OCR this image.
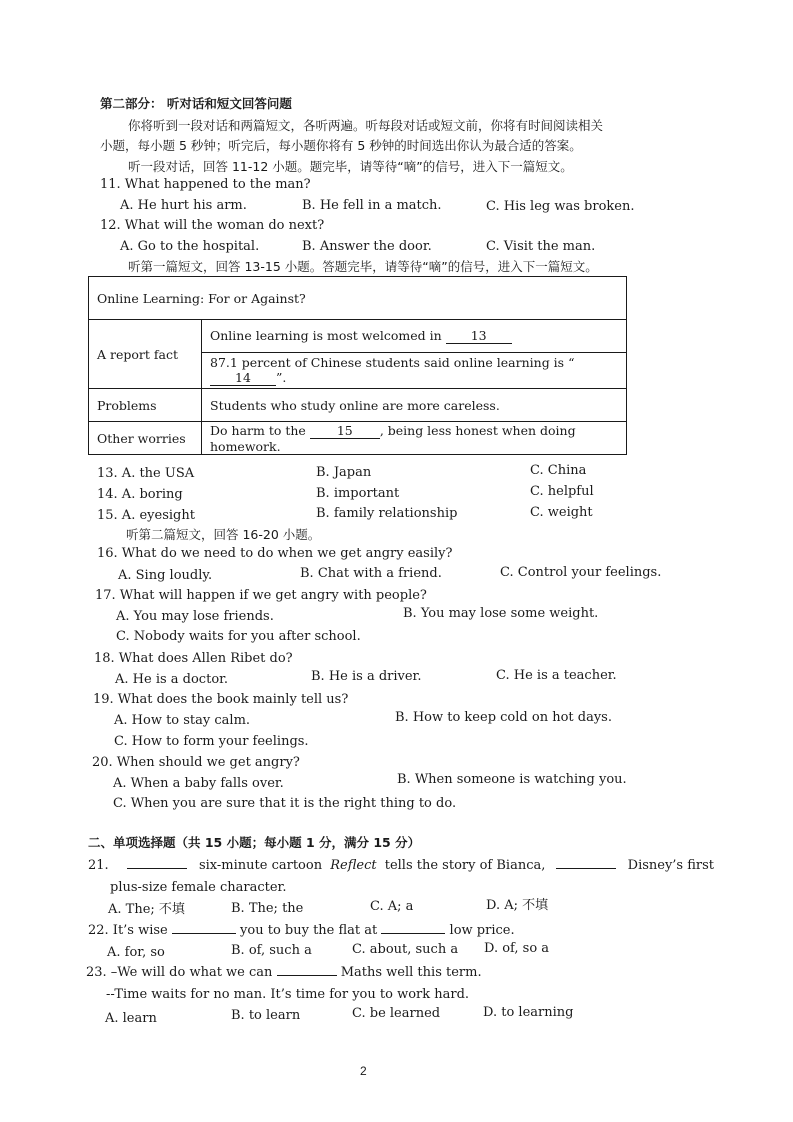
第二部分： 听对话和短文回答问题
你将听到一段对话和两篇短文，各听两遍。听每段对话或短文前，你将有时间阅读相关
小题，每小题 5 秒钟；听完后，每小题你将有 5 秒钟的时间选出你认为最合适的答案。
听一段对话，回答 11-12 小题。题完毕，请等待“嘀”的信号，进入下一篇短文。
11. What happened to the man?
A. He hurt his arm.	B. He fell in a match.	C. His leg was broken.
12. What will the woman do next?
A. Go to the hospital.	B. Answer the door.	C. Visit the man.
听第一篇短文，回答 13-15 小题。答题完毕，请等待“嘀”的信号，进入下一篇短文。
Online Learning: For or Against?	
A report fact	Online learning is most welcomed in 13
	87.1 percent of Chinese students said online learning is “14 ”.
Problems	Students who study online are more careless.
Other worries	Do harm to the 15 , being less honest when doing homework.
13. A. the USA	B. Japan	C. China
14. A. boring	B. important	C. helpful
15. A. eyesight	B. family relationship	C. weight
听第二篇短文，回答 16-20 小题。
16. What do we need to do when we get angry easily?
A. Sing loudly.	B. Chat with a friend.	C. Control your feelings.
17. What will happen if we get angry with people?
A. You may lose friends.	B. You may lose some weight.
C. Nobody waits for you after school.
18. What does Allen Ribet do?
A. He is a doctor.	B. He is a driver.	C. He is a teacher.
19. What does the book mainly tell us?
A. How to stay calm.	B. How to keep cold on hot days.
C. How to form your feelings.
20. When should we get angry?
A. When a baby falls over.	B. When someone is watching you.
C. When you are sure that it is the right thing to do.
二、单项选择题（共 15 小题；每小题 1 分，满分 15 分）
21.	six-minute cartoon Reflect tells the story of Bianca,	Disney’s first
plus-size female character.
A. The; 不填	B. The; the	C. A; a	D. A; 不填
22. It’s wise	you to buy the flat at	low price.
A. for, so	B. of, such a	C. about, such a D. of, so a
23. –We will do what we can	Maths well this term.
--Time waits for no man. It’s time for you to work hard.
A. learn	B. to learn	C. be learned	D. to learning
2
